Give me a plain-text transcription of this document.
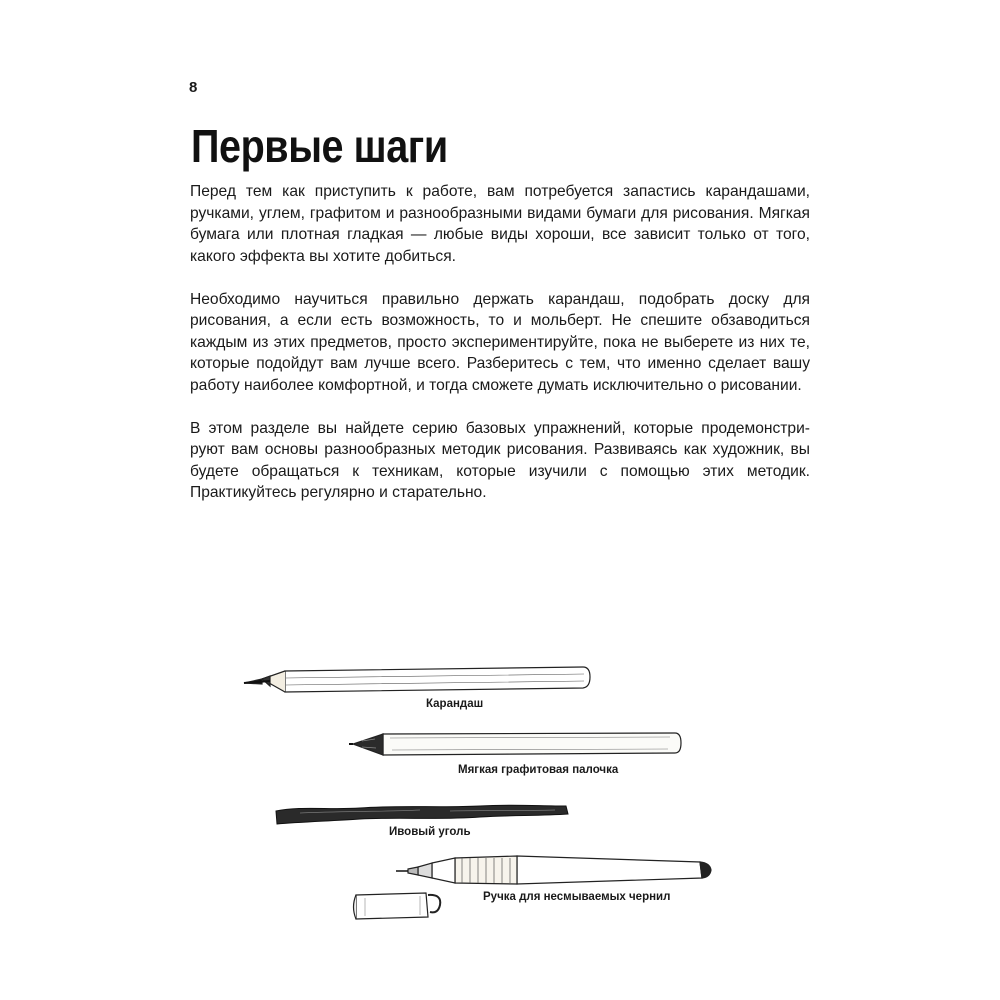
8
Первые шаги

Перед тем как приступить к работе, вам потребуется запастись карандашами, ручками, углем, графитом и разнообразными видами бумаги для рисования. Мягкая бумага или плотная гладкая — любые виды хороши, все зависит только от того, какого эффекта вы хотите добиться.

Необходимо научиться правильно держать карандаш, подобрать доску для рисования, а если есть возможность, то и мольберт. Не спешите обзаводиться каждым из этих предметов, просто экспериментируйте, пока не выберете из них те, которые подойдут вам лучше всего. Разберитесь с тем, что именно сделает вашу работу наиболее комфортной, и тогда сможете думать исключительно о рисовании.

В этом разделе вы найдете серию базовых упражнений, которые продемонстри-руют вам основы разнообразных методик рисования. Развиваясь как художник, вы будете обращаться к техникам, которые изучили с помощью этих методик. Практикуйтесь регулярно и старательно.

Карандаш
Мягкая графитовая палочка
Ивовый уголь
Ручка для несмываемых чернил
